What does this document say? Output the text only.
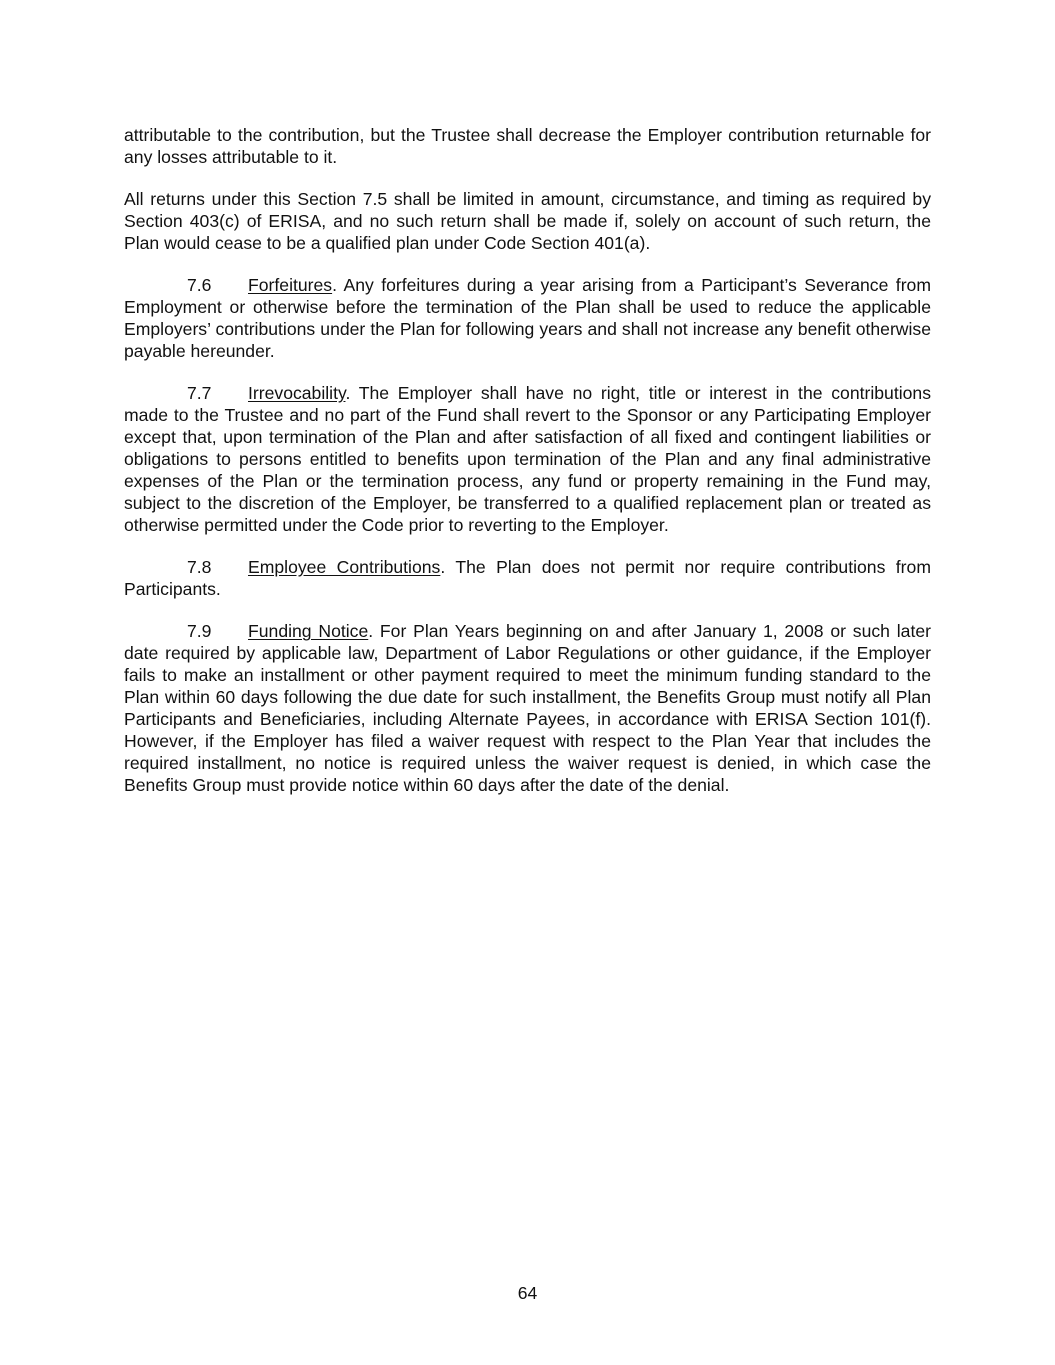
attributable to the contribution, but the Trustee shall decrease the Employer contribution returnable for any losses attributable to it.

All returns under this Section 7.5 shall be limited in amount, circumstance, and timing as required by Section 403(c) of ERISA, and no such return shall be made if, solely on account of such return, the Plan would cease to be a qualified plan under Code Section 401(a).

7.6 Forfeitures. Any forfeitures during a year arising from a Participant’s Severance from Employment or otherwise before the termination of the Plan shall be used to reduce the applicable Employers’ contributions under the Plan for following years and shall not increase any benefit otherwise payable hereunder.

7.7 Irrevocability. The Employer shall have no right, title or interest in the contributions made to the Trustee and no part of the Fund shall revert to the Sponsor or any Participating Employer except that, upon termination of the Plan and after satisfaction of all fixed and contingent liabilities or obligations to persons entitled to benefits upon termination of the Plan and any final administrative expenses of the Plan or the termination process, any fund or property remaining in the Fund may, subject to the discretion of the Employer, be transferred to a qualified replacement plan or treated as otherwise permitted under the Code prior to reverting to the Employer.

7.8 Employee Contributions. The Plan does not permit nor require contributions from Participants.

7.9 Funding Notice. For Plan Years beginning on and after January 1, 2008 or such later date required by applicable law, Department of Labor Regulations or other guidance, if the Employer fails to make an installment or other payment required to meet the minimum funding standard to the Plan within 60 days following the due date for such installment, the Benefits Group must notify all Plan Participants and Beneficiaries, including Alternate Payees, in accordance with ERISA Section 101(f). However, if the Employer has filed a waiver request with respect to the Plan Year that includes the required installment, no notice is required unless the waiver request is denied, in which case the Benefits Group must provide notice within 60 days after the date of the denial.

64
